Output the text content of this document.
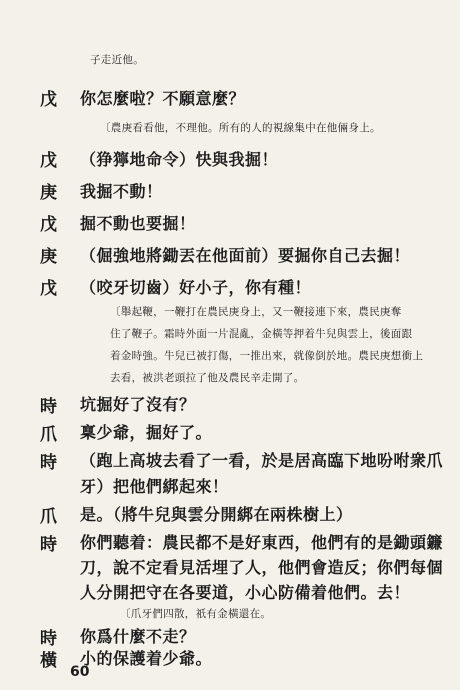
子走近他。
戊 你怎麼啦？不願意麼？
〔農庚看看他，不理他。所有的人的視線集中在他倆身上。
戊 （狰獰地命令）快與我掘！
庚 我掘不動！
戊 掘不動也要掘！
庚 （倔強地將鋤丟在他面前）要掘你自己去掘！
戊 （咬牙切齒）好小子，你有種！
〔舉起鞭，一鞭打在農民庚身上，又一鞭接連下來，農民庚奪
住了鞭子。霜時外面一片混亂，金橫等押着牛兒與雲上，後面跟
着金時強。牛兒已被打傷，一推出來，就像倒於地。農民庚想衝上
去看，被洪老頭拉了他及農民辛走開了。
時 坑掘好了沒有？
爪 稟少爺，掘好了。
時 （跑上高坡去看了一看，於是居高臨下地吩咐衆爪
牙）把他們綁起來！
爪 是。（將牛兒與雲分開綁在兩株樹上）
時 你們聽着：農民都不是好東西，他們有的是鋤頭鐮
刀，說不定看見活埋了人，他們會造反；你們每個
人分開把守在各要道，小心防備着他們。去！
〔爪牙們四散，祇有金橫還在。
時 你爲什麼不走？
橫 小的保護着少爺。
60
